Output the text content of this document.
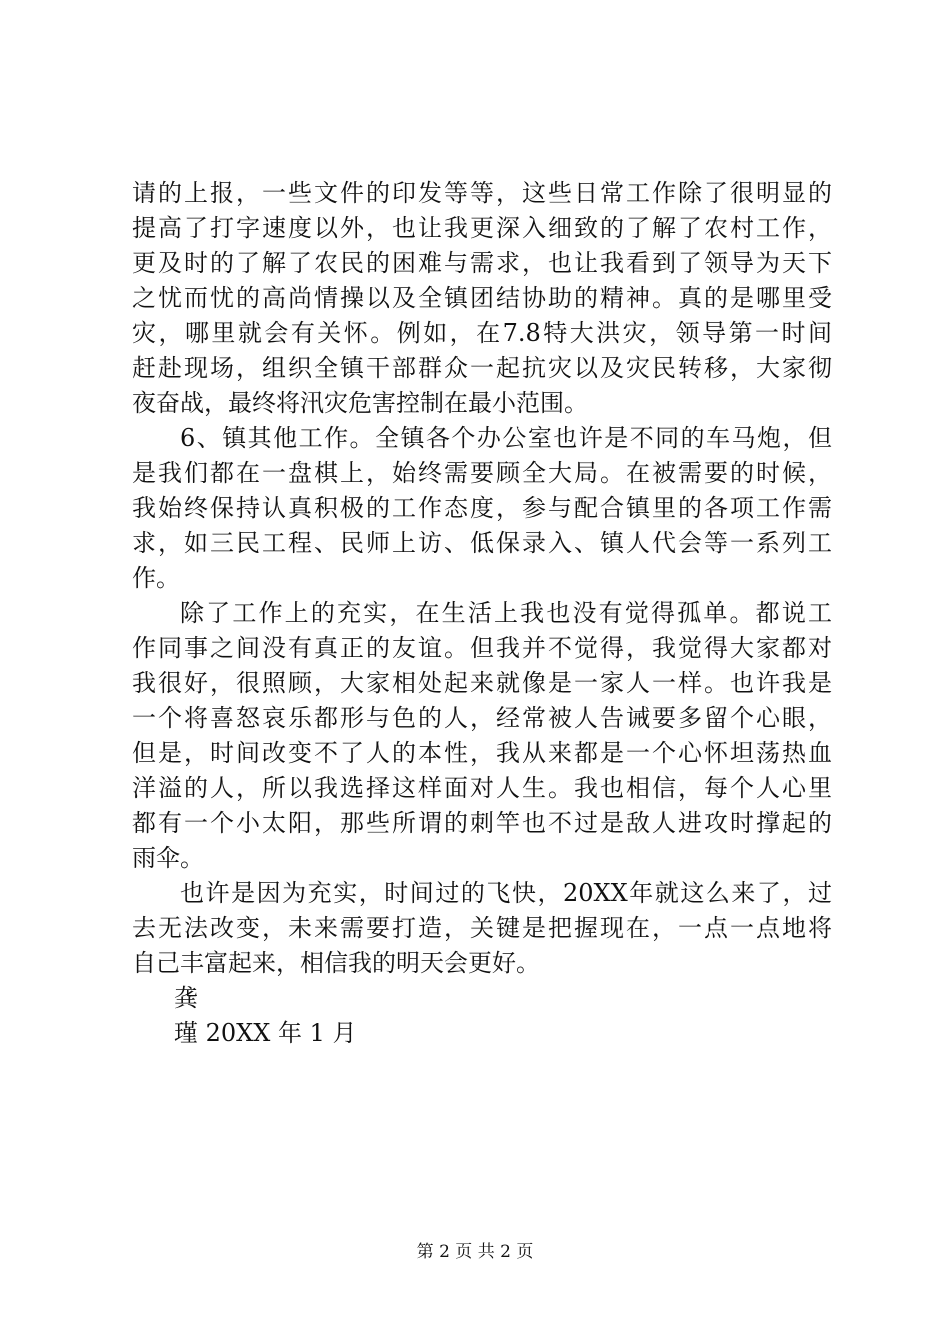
请的上报，一些文件的印发等等，这些日常工作除了很明显的
提高了打字速度以外，也让我更深入细致的了解了农村工作，
更及时的了解了农民的困难与需求，也让我看到了领导为天下
之忧而忧的高尚情操以及全镇团结协助的精神。真的是哪里受
灾，哪里就会有关怀。例如，在7.8特大洪灾，领导第一时间
赶赴现场，组织全镇干部群众一起抗灾以及灾民转移，大家彻
夜奋战，最终将汛灾危害控制在最小范围。
6、镇其他工作。全镇各个办公室也许是不同的车马炮，但
是我们都在一盘棋上，始终需要顾全大局。在被需要的时候，
我始终保持认真积极的工作态度，参与配合镇里的各项工作需
求，如三民工程、民师上访、低保录入、镇人代会等一系列工
作。
除了工作上的充实，在生活上我也没有觉得孤单。都说工
作同事之间没有真正的友谊。但我并不觉得，我觉得大家都对
我很好，很照顾，大家相处起来就像是一家人一样。也许我是
一个将喜怒哀乐都形与色的人，经常被人告诫要多留个心眼，
但是，时间改变不了人的本性，我从来都是一个心怀坦荡热血
洋溢的人，所以我选择这样面对人生。我也相信，每个人心里
都有一个小太阳，那些所谓的刺竿也不过是敌人进攻时撑起的
雨伞。
也许是因为充实，时间过的飞快，20XX年就这么来了，过
去无法改变，未来需要打造，关键是把握现在，一点一点地将
自己丰富起来，相信我的明天会更好。
龚
瑾 20XX 年 1 月
第 2 页 共 2 页
